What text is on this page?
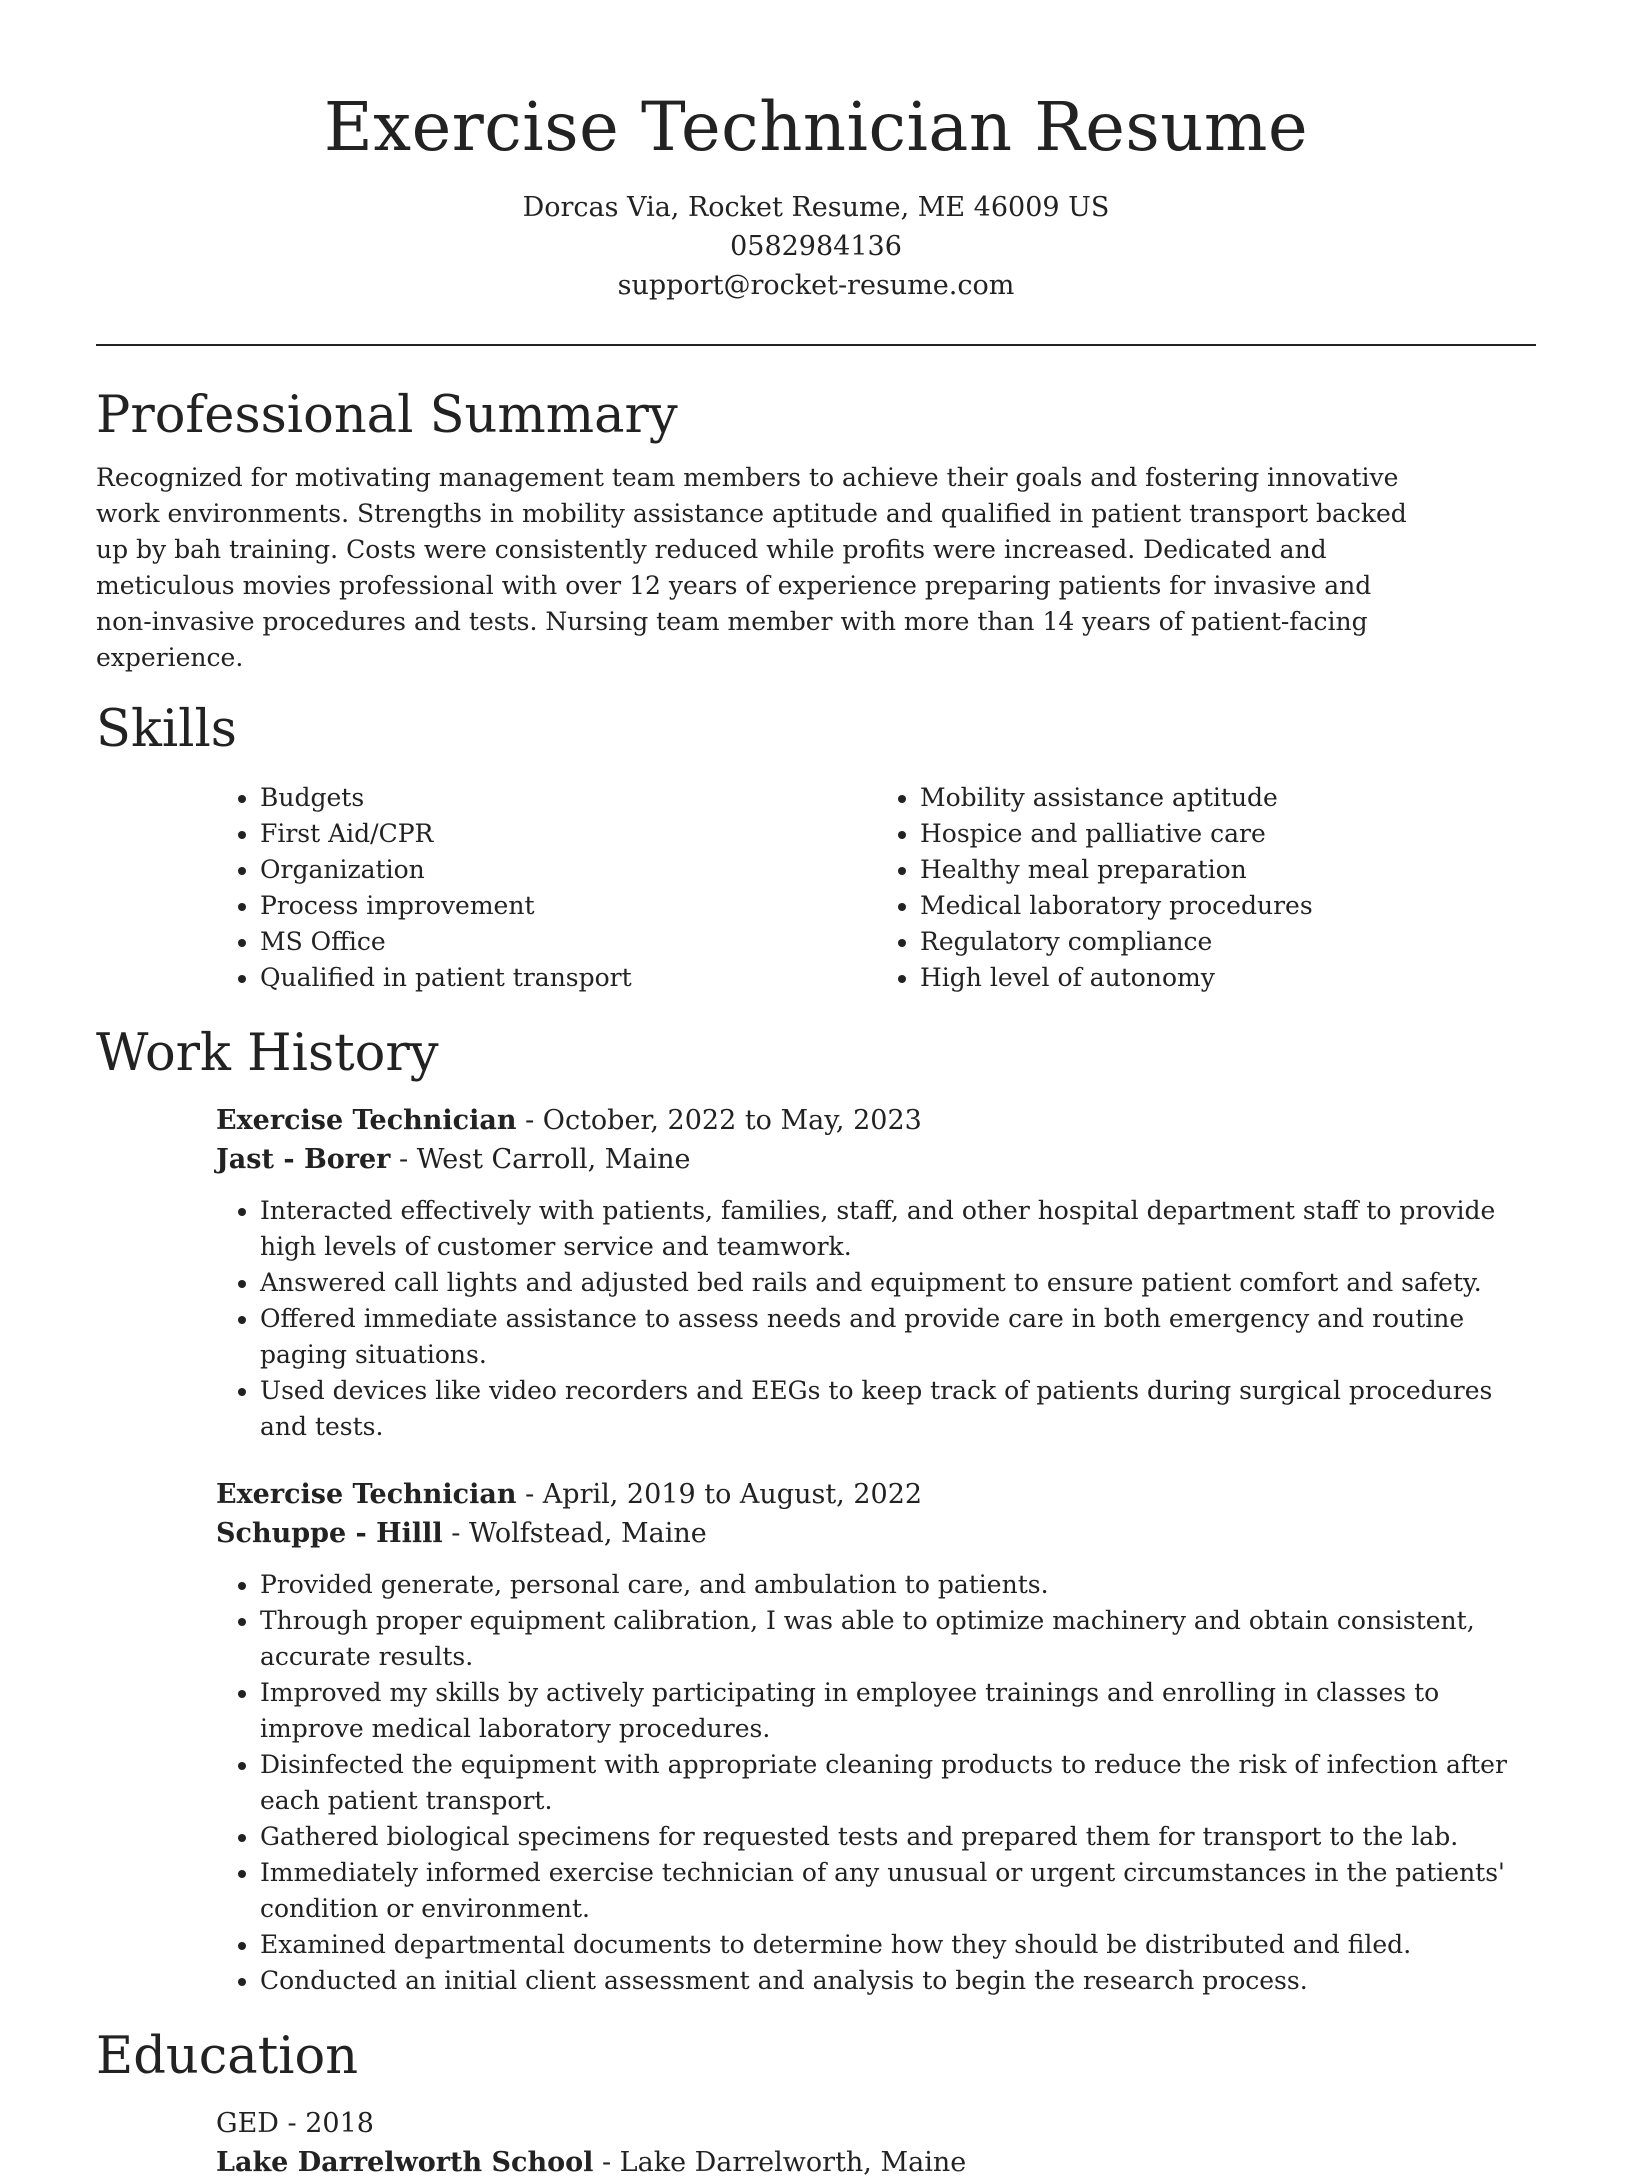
Exercise Technician Resume
Dorcas Via, Rocket Resume, ME 46009 US
0582984136
support@rocket-resume.com
Professional Summary

Recognized for motivating management team members to achieve their goals and fostering innovative work environments. Strengths in mobility assistance aptitude and qualified in patient transport backed up by bah training. Costs were consistently reduced while profits were increased. Dedicated and meticulous movies professional with over 12 years of experience preparing patients for invasive and non-invasive procedures and tests. Nursing team member with more than 14 years of patient-facing experience.

Skills
• Budgets
• First Aid/CPR
• Organization
• Process improvement
• MS Office
• Qualified in patient transport
• Mobility assistance aptitude
• Hospice and palliative care
• Healthy meal preparation
• Medical laboratory procedures
• Regulatory compliance
• High level of autonomy
Work History
Exercise Technician - October, 2022 to May, 2023
Jast - Borer - West Carroll, Maine
• Interacted effectively with patients, families, staff, and other hospital department staff to provide high levels of customer service and teamwork.
• Answered call lights and adjusted bed rails and equipment to ensure patient comfort and safety.
• Offered immediate assistance to assess needs and provide care in both emergency and routine paging situations.
• Used devices like video recorders and EEGs to keep track of patients during surgical procedures and tests.
Exercise Technician - April, 2019 to August, 2022
Schuppe - Hilll - Wolfstead, Maine
• Provided generate, personal care, and ambulation to patients.
• Through proper equipment calibration, I was able to optimize machinery and obtain consistent, accurate results.
• Improved my skills by actively participating in employee trainings and enrolling in classes to improve medical laboratory procedures.
• Disinfected the equipment with appropriate cleaning products to reduce the risk of infection after each patient transport.
• Gathered biological specimens for requested tests and prepared them for transport to the lab.
• Immediately informed exercise technician of any unusual or urgent circumstances in the patients' condition or environment.
• Examined departmental documents to determine how they should be distributed and filed.
• Conducted an initial client assessment and analysis to begin the research process.
Education
GED - 2018
Lake Darrelworth School - Lake Darrelworth, Maine
